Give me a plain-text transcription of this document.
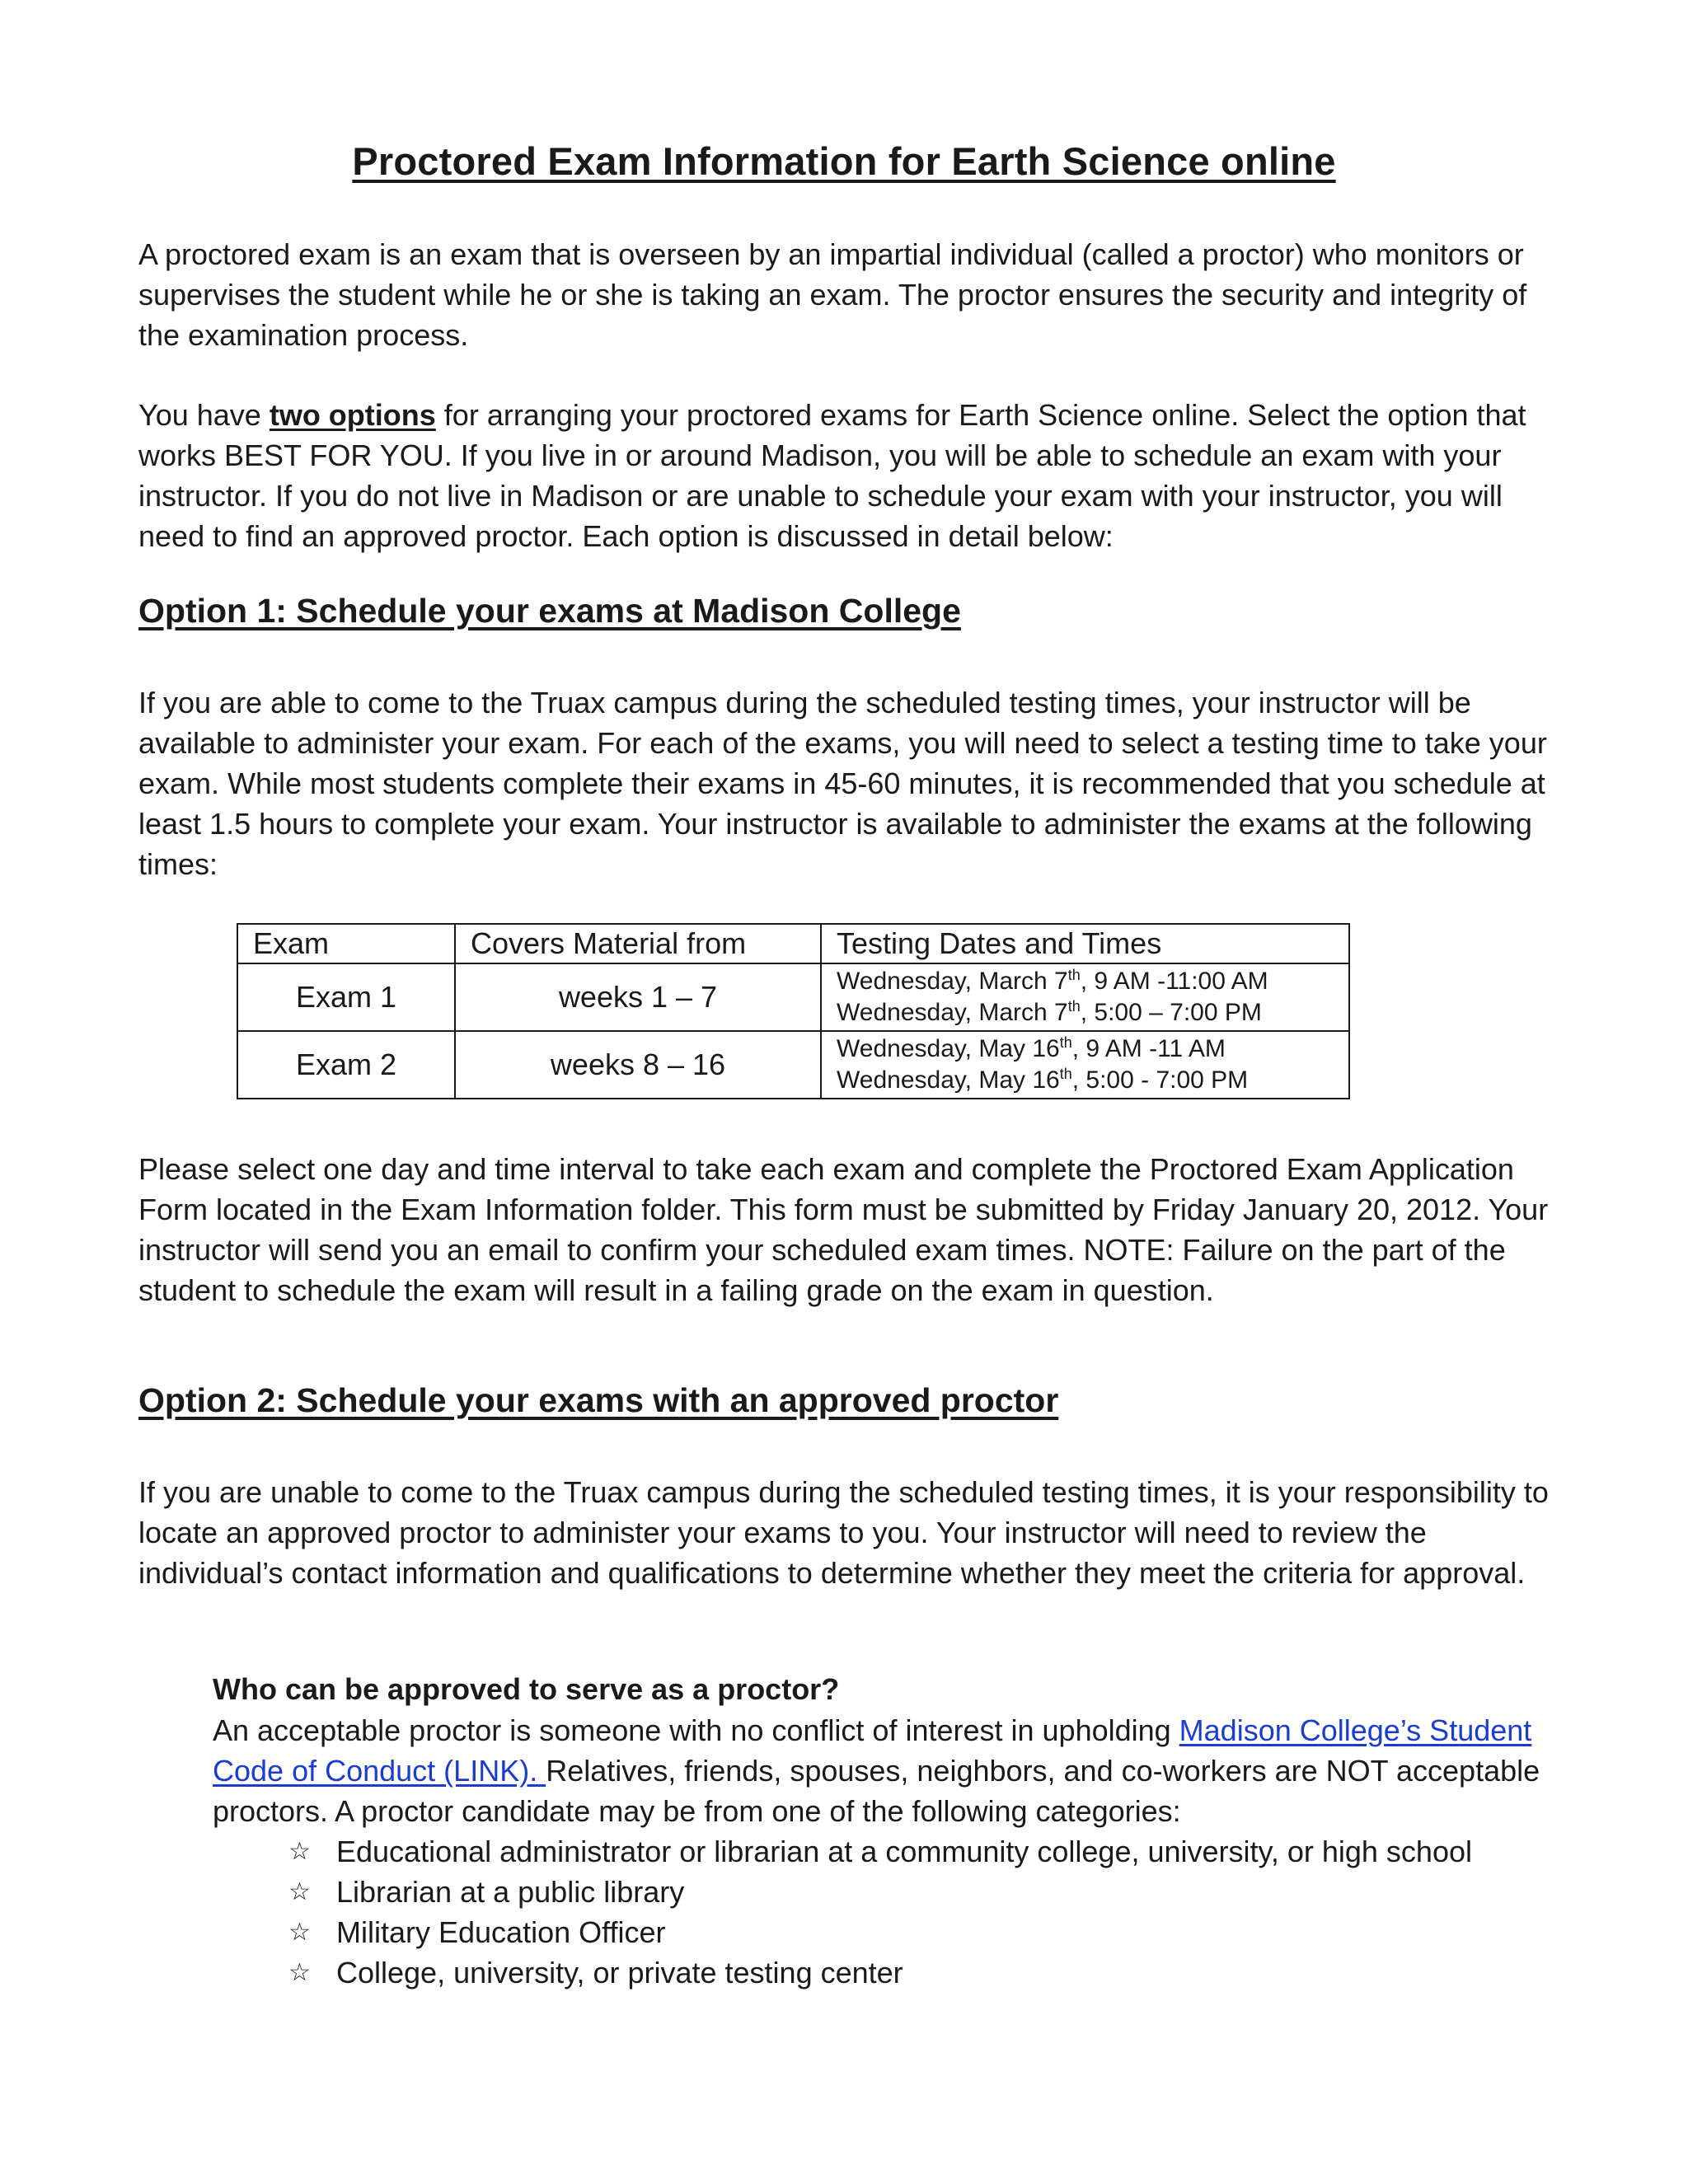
Proctored Exam Information for Earth Science online

A proctored exam is an exam that is overseen by an impartial individual (called a proctor) who monitors or supervises the student while he or she is taking an exam. The proctor ensures the security and integrity of the examination process.

You have two options for arranging your proctored exams for Earth Science online. Select the option that works BEST FOR YOU. If you live in or around Madison, you will be able to schedule an exam with your instructor. If you do not live in Madison or are unable to schedule your exam with your instructor, you will need to find an approved proctor. Each option is discussed in detail below:

Option 1: Schedule your exams at Madison College

If you are able to come to the Truax campus during the scheduled testing times, your instructor will be available to administer your exam. For each of the exams, you will need to select a testing time to take your exam. While most students complete their exams in 45-60 minutes, it is recommended that you schedule at least 1.5 hours to complete your exam. Your instructor is available to administer the exams at the following times:

Exam	Covers Material from	Testing Dates and Times
Exam 1	weeks 1 – 7	Wednesday, March 7th, 9 AM -11:00 AM
Wednesday, March 7th, 5:00 – 7:00 PM

Exam 2	weeks 8 – 16	Wednesday, May 16th, 9 AM -11 AM
Wednesday, May 16th, 5:00 - 7:00 PM

Please select one day and time interval to take each exam and complete the Proctored Exam Application Form located in the Exam Information folder. This form must be submitted by Friday January 20, 2012. Your instructor will send you an email to confirm your scheduled exam times. NOTE: Failure on the part of the student to schedule the exam will result in a failing grade on the exam in question.

Option 2: Schedule your exams with an approved proctor

If you are unable to come to the Truax campus during the scheduled testing times, it is your responsibility to locate an approved proctor to administer your exams to you. Your instructor will need to review the individual’s contact information and qualifications to determine whether they meet the criteria for approval.

Who can be approved to serve as a proctor?

An acceptable proctor is someone with no conflict of interest in upholding Madison College’s Student Code of Conduct (LINK). Relatives, friends, spouses, neighbors, and co-workers are NOT acceptable proctors. A proctor candidate may be from one of the following categories:

☆ Educational administrator or librarian at a community college, university, or high school
☆ Librarian at a public library
☆ Military Education Officer
☆ College, university, or private testing center
